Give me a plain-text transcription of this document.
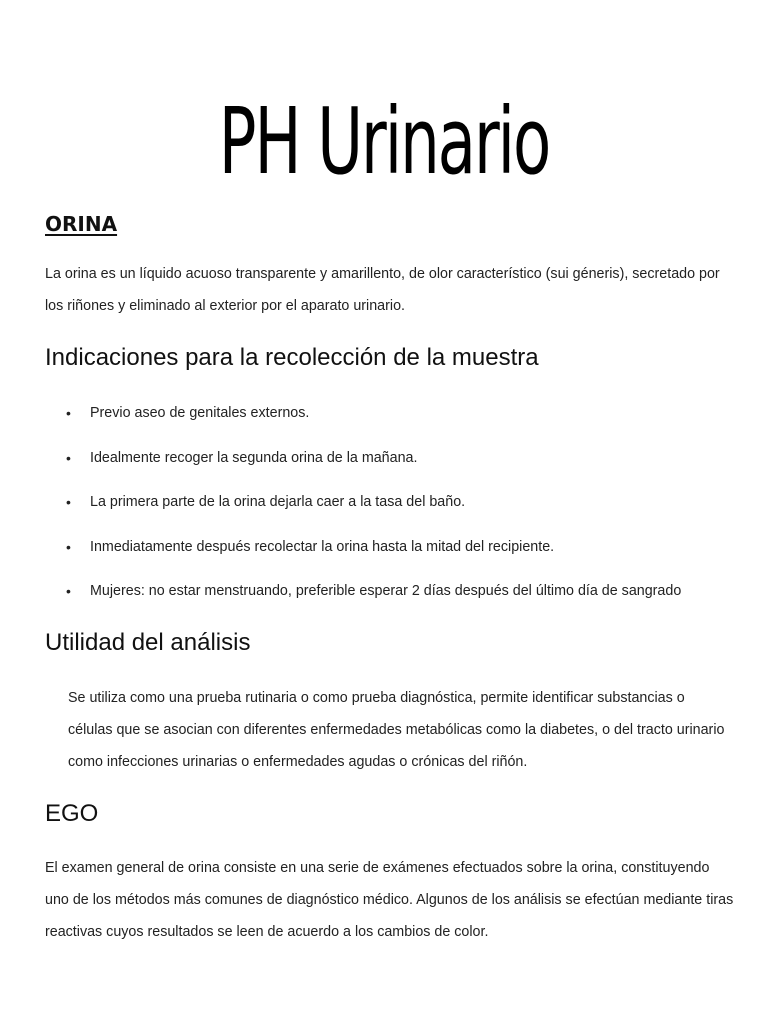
PH Urinario
ORINA

La orina es un líquido acuoso transparente y amarillento, de olor característico (sui géneris), secretado por los riñones y eliminado al exterior por el aparato urinario.

Indicaciones para la recolección de la muestra
• Previo aseo de genitales externos.
• Idealmente recoger la segunda orina de la mañana.
• La primera parte de la orina dejarla caer a la tasa del baño.
• Inmediatamente después recolectar la orina hasta la mitad del recipiente.
• Mujeres: no estar menstruando, preferible esperar 2 días después del último día de sangrado
Utilidad del análisis

Se utiliza como una prueba rutinaria o como prueba diagnóstica, permite identificar substancias o células que se asocian con diferentes enfermedades metabólicas como la diabetes, o del tracto urinario como infecciones urinarias o enfermedades agudas o crónicas del riñón.

EGO

El examen general de orina consiste en una serie de exámenes efectuados sobre la orina, constituyendo uno de los métodos más comunes de diagnóstico médico. Algunos de los análisis se efectúan mediante tiras reactivas cuyos resultados se leen de acuerdo a los cambios de color.
